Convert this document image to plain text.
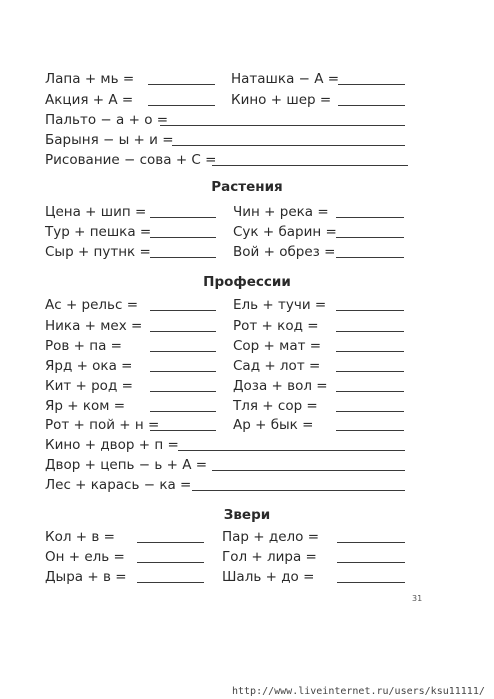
Лапа + мь =	Наташка − А =
Акция + А =	Кино + шер =
Пальто − а + о =
Барыня − ы + и =
Рисование − сова + С =
Растения
Цена + шип =	Чин + река =
Тур + пешка =	Сук + барин =
Сыр + путнк =	Вой + обрез =
Профессии
Ас + рельс =	Ель + тучи =
Ника + мех =	Рот + код =
Ров + па =	Сор + мат =
Ярд + ока =	Сад + лот =
Кит + род =	Доза + вол =
Яр + ком =	Тля + сор =
Рот + пой + н =	Ар + бык =
Кино + двор + п =
Двор + цепь − ь + А =
Лес + карась − ка =
Звери
Кол + в =	Пар + дело =
Он + ель =	Гол + лира =
Дыра + в =	Шаль + до =
31
http://www.liveinternet.ru/users/ksu11111/
